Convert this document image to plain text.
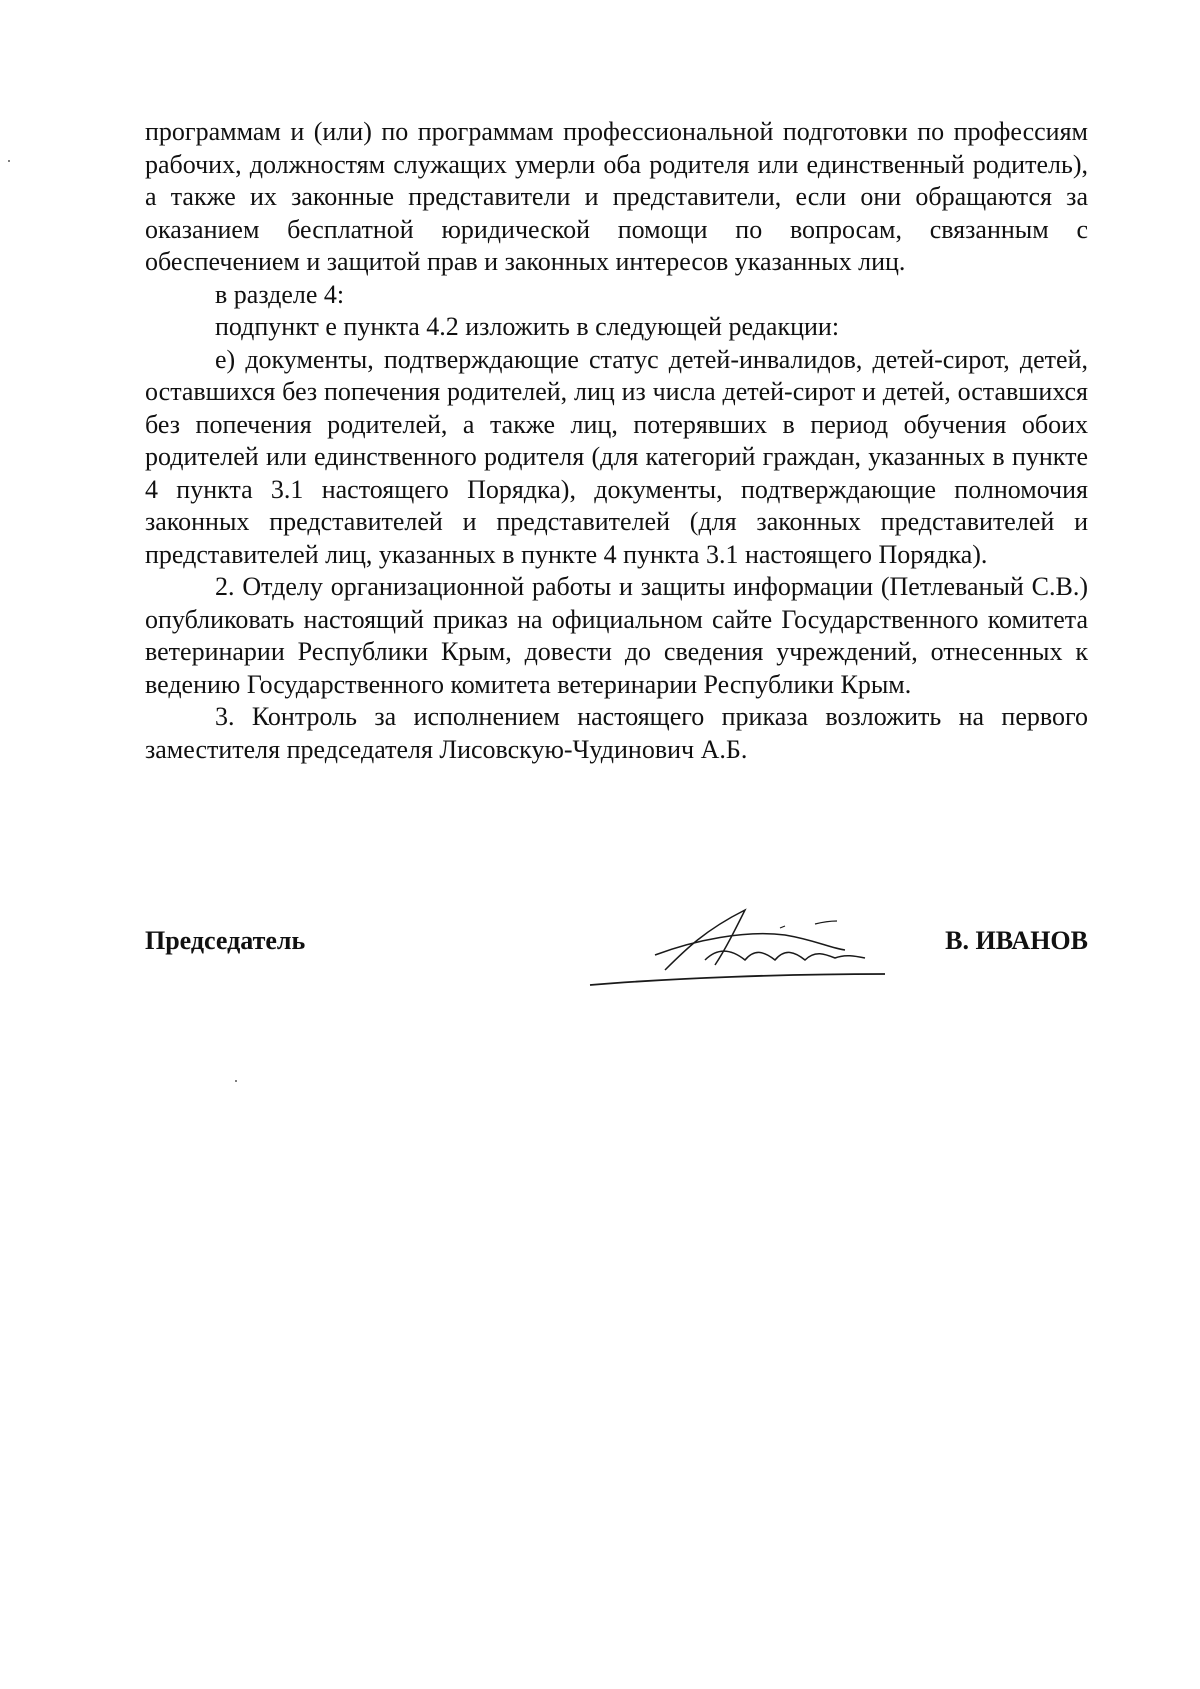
программам и (или) по программам профессиональной подготовки по профессиям рабочих, должностям служащих умерли оба родителя или единственный родитель), а также их законные представители и представители, если они обращаются за оказанием бесплатной юридической помощи по вопросам, связанным с обеспечением и защитой прав и законных интересов указанных лиц.

в разделе 4:

подпункт е пункта 4.2 изложить в следующей редакции:

е) документы, подтверждающие статус детей-инвалидов, детей-сирот, детей, оставшихся без попечения родителей, лиц из числа детей-сирот и детей, оставшихся без попечения родителей, а также лиц, потерявших в период обучения обоих родителей или единственного родителя (для категорий граждан, указанных в пункте 4 пункта 3.1 настоящего Порядка), документы, подтверждающие полномочия законных представителей и представителей (для законных представителей и представителей лиц, указанных в пункте 4 пункта 3.1 настоящего Порядка).

2. Отделу организационной работы и защиты информации (Петлеваный С.В.) опубликовать настоящий приказ на официальном сайте Государственного комитета ветеринарии Республики Крым, довести до сведения учреждений, отнесенных к ведению Государственного комитета ветеринарии Республики Крым.

3. Контроль за исполнением настоящего приказа возложить на первого заместителя председателя Лисовскую-Чудинович А.Б.

Председатель	В. ИВАНОВ
